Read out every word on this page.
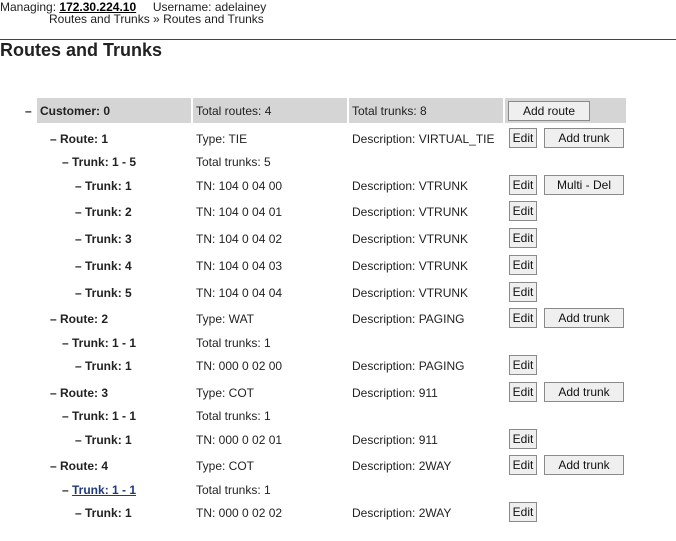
Managing: 172.30.224.10 Username: adelainey
Routes and Trunks » Routes and Trunks
Routes and Trunks
– Customer: 0	Total routes: 4	Total trunks: 8	Add route
– Route: 1	Type: TIE	Description: VIRTUAL_TIE	Edit	Add trunk
– Trunk: 1 - 5	Total trunks: 5
– Trunk: 1	TN: 104 0 04 00	Description: VTRUNK	Edit	Multi - Del
– Trunk: 2	TN: 104 0 04 01	Description: VTRUNK	Edit
– Trunk: 3	TN: 104 0 04 02	Description: VTRUNK	Edit
– Trunk: 4	TN: 104 0 04 03	Description: VTRUNK	Edit
– Trunk: 5	TN: 104 0 04 04	Description: VTRUNK	Edit
– Route: 2	Type: WAT	Description: PAGING	Edit	Add trunk
– Trunk: 1 - 1	Total trunks: 1
– Trunk: 1	TN: 000 0 02 00	Description: PAGING	Edit
– Route: 3	Type: COT	Description: 911	Edit	Add trunk
– Trunk: 1 - 1	Total trunks: 1
– Trunk: 1	TN: 000 0 02 01	Description: 911	Edit
– Route: 4	Type: COT	Description: 2WAY	Edit	Add trunk
– Trunk: 1 - 1	Total trunks: 1
– Trunk: 1	TN: 000 0 02 02	Description: 2WAY	Edit
